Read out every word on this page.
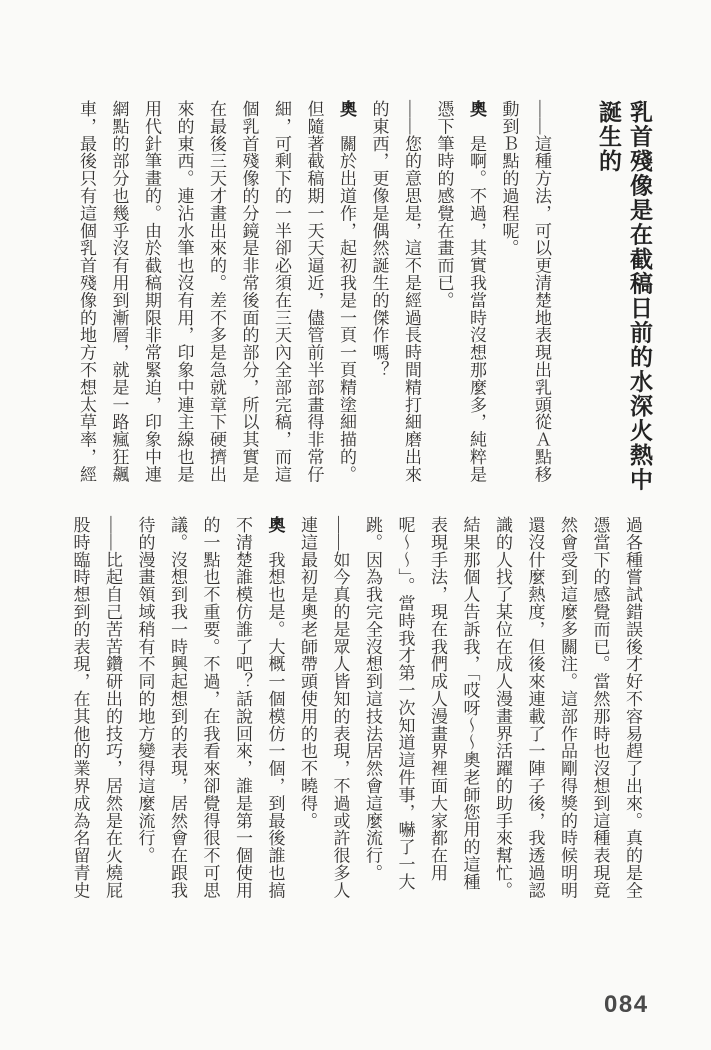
乳首殘像是在截稿日前的水深火熱中
誕生的
——這種方法，可以更清楚地表現出乳頭從Ａ點移
動到Ｂ點的過程呢。
奧　是啊。不過，其實我當時沒想那麼多，純粹是
憑下筆時的感覺在畫而已。
——您的意思是，這不是經過長時間精打細磨出來
的東西，更像是偶然誕生的傑作嗎？
奧　關於出道作，起初我是一頁一頁精塗細描的。
但隨著截稿期一天天逼近，儘管前半部畫得非常仔
細，可剩下的一半卻必須在三天內全部完稿，而這
個乳首殘像的分鏡是非常後面的部分，所以其實是
在最後三天才畫出來的。差不多是急就章下硬擠出
來的東西。連沾水筆也沒有用，印象中連主線也是
用代針筆畫的。由於截稿期限非常緊迫，印象中連
網點的部分也幾乎沒有用到漸層，就是一路瘋狂飆
車，最後只有這個乳首殘像的地方不想太草率，經
過各種嘗試錯誤後才好不容易趕了出來。真的是全
憑當下的感覺而已。當然那時也沒想到這種表現竟
然會受到這麼多關注。這部作品剛得獎的時候明明
還沒什麼熱度，但後來連載了一陣子後，我透過認
識的人找了某位在成人漫畫界活躍的助手來幫忙。
結果那個人告訴我，「哎呀～～奧老師您用的這種
表現手法，現在我們成人漫畫界裡面大家都在用
呢～～」。當時我才第一次知道這件事，嚇了一大
跳。因為我完全沒想到這技法居然會這麼流行。
——如今真的是眾人皆知的表現，不過或許很多人
連這最初是奧老師帶頭使用的也不曉得。
奧　我想也是。大概一個模仿一個，到最後誰也搞
不清楚誰模仿誰了吧？話說回來，誰是第一個使用
的一點也不重要。不過，在我看來卻覺得很不可思
議。沒想到我一時興起想到的表現，居然會在跟我
待的漫畫領域稍有不同的地方變得這麼流行。
——比起自己苦苦鑽研出的技巧，居然是在火燒屁
股時臨時想到的表現，在其他的業界成為名留青史
084
